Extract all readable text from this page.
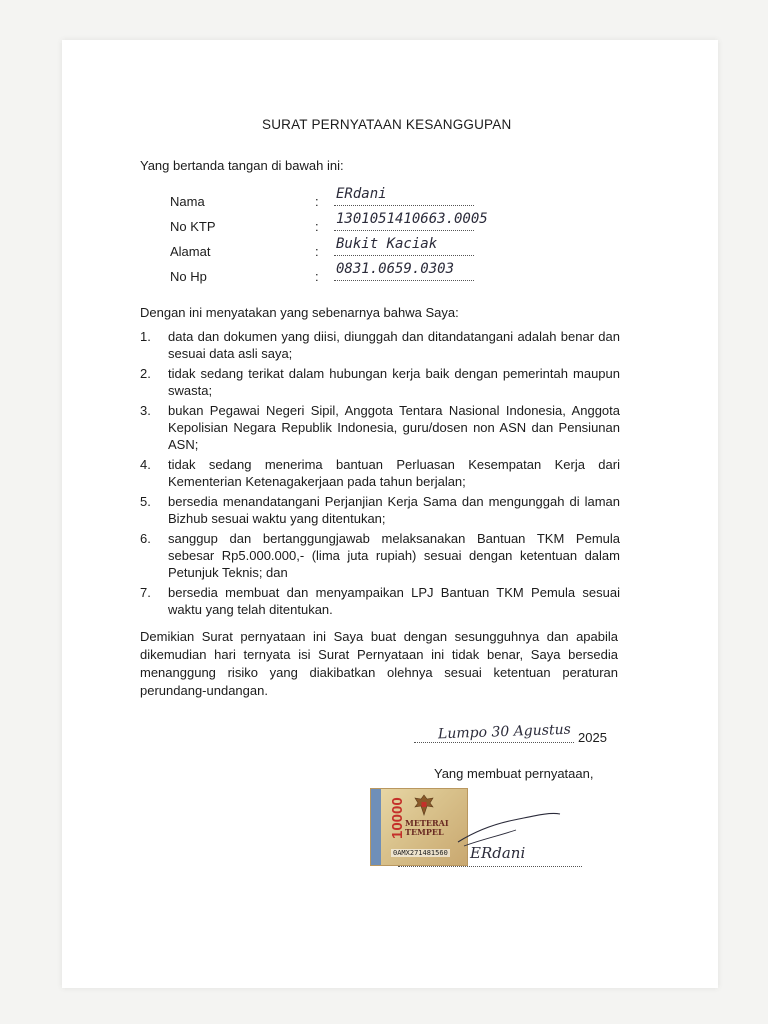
SURAT PERNYATAAN KESANGGUPAN
Yang bertanda tangan di bawah ini:
Nama	: ERdani
No KTP	: 1301051410663.0005
Alamat	: Bukit Kaciak
No Hp	: 0831.0659.0303
Dengan ini menyatakan yang sebenarnya bahwa Saya:
1. data dan dokumen yang diisi, diunggah dan ditandatangani adalah benar dan sesuai data asli saya;
2. tidak sedang terikat dalam hubungan kerja baik dengan pemerintah maupun swasta;
3. bukan Pegawai Negeri Sipil, Anggota Tentara Nasional Indonesia, Anggota Kepolisian Negara Republik Indonesia, guru/dosen non ASN dan Pensiunan ASN;
4. tidak sedang menerima bantuan Perluasan Kesempatan Kerja dari Kementerian Ketenagakerjaan pada tahun berjalan;
5. bersedia menandatangani Perjanjian Kerja Sama dan mengunggah di laman Bizhub sesuai waktu yang ditentukan;
6. sanggup dan bertanggungjawab melaksanakan Bantuan TKM Pemula sebesar Rp5.000.000,- (lima juta rupiah) sesuai dengan ketentuan dalam Petunjuk Teknis; dan
7. bersedia membuat dan menyampaikan LPJ Bantuan TKM Pemula sesuai waktu yang telah ditentukan.
Demikian Surat pernyataan ini Saya buat dengan sesungguhnya dan apabila dikemudian hari ternyata isi Surat Pernyataan ini tidak benar, Saya bersedia menanggung risiko yang diakibatkan olehnya sesuai ketentuan peraturan perundang-undangan.
Lumpo 30 Agustus 2025
Yang membuat pernyataan,
10000 METERAI
TEMPEL
0AMX271481560 ERdani
